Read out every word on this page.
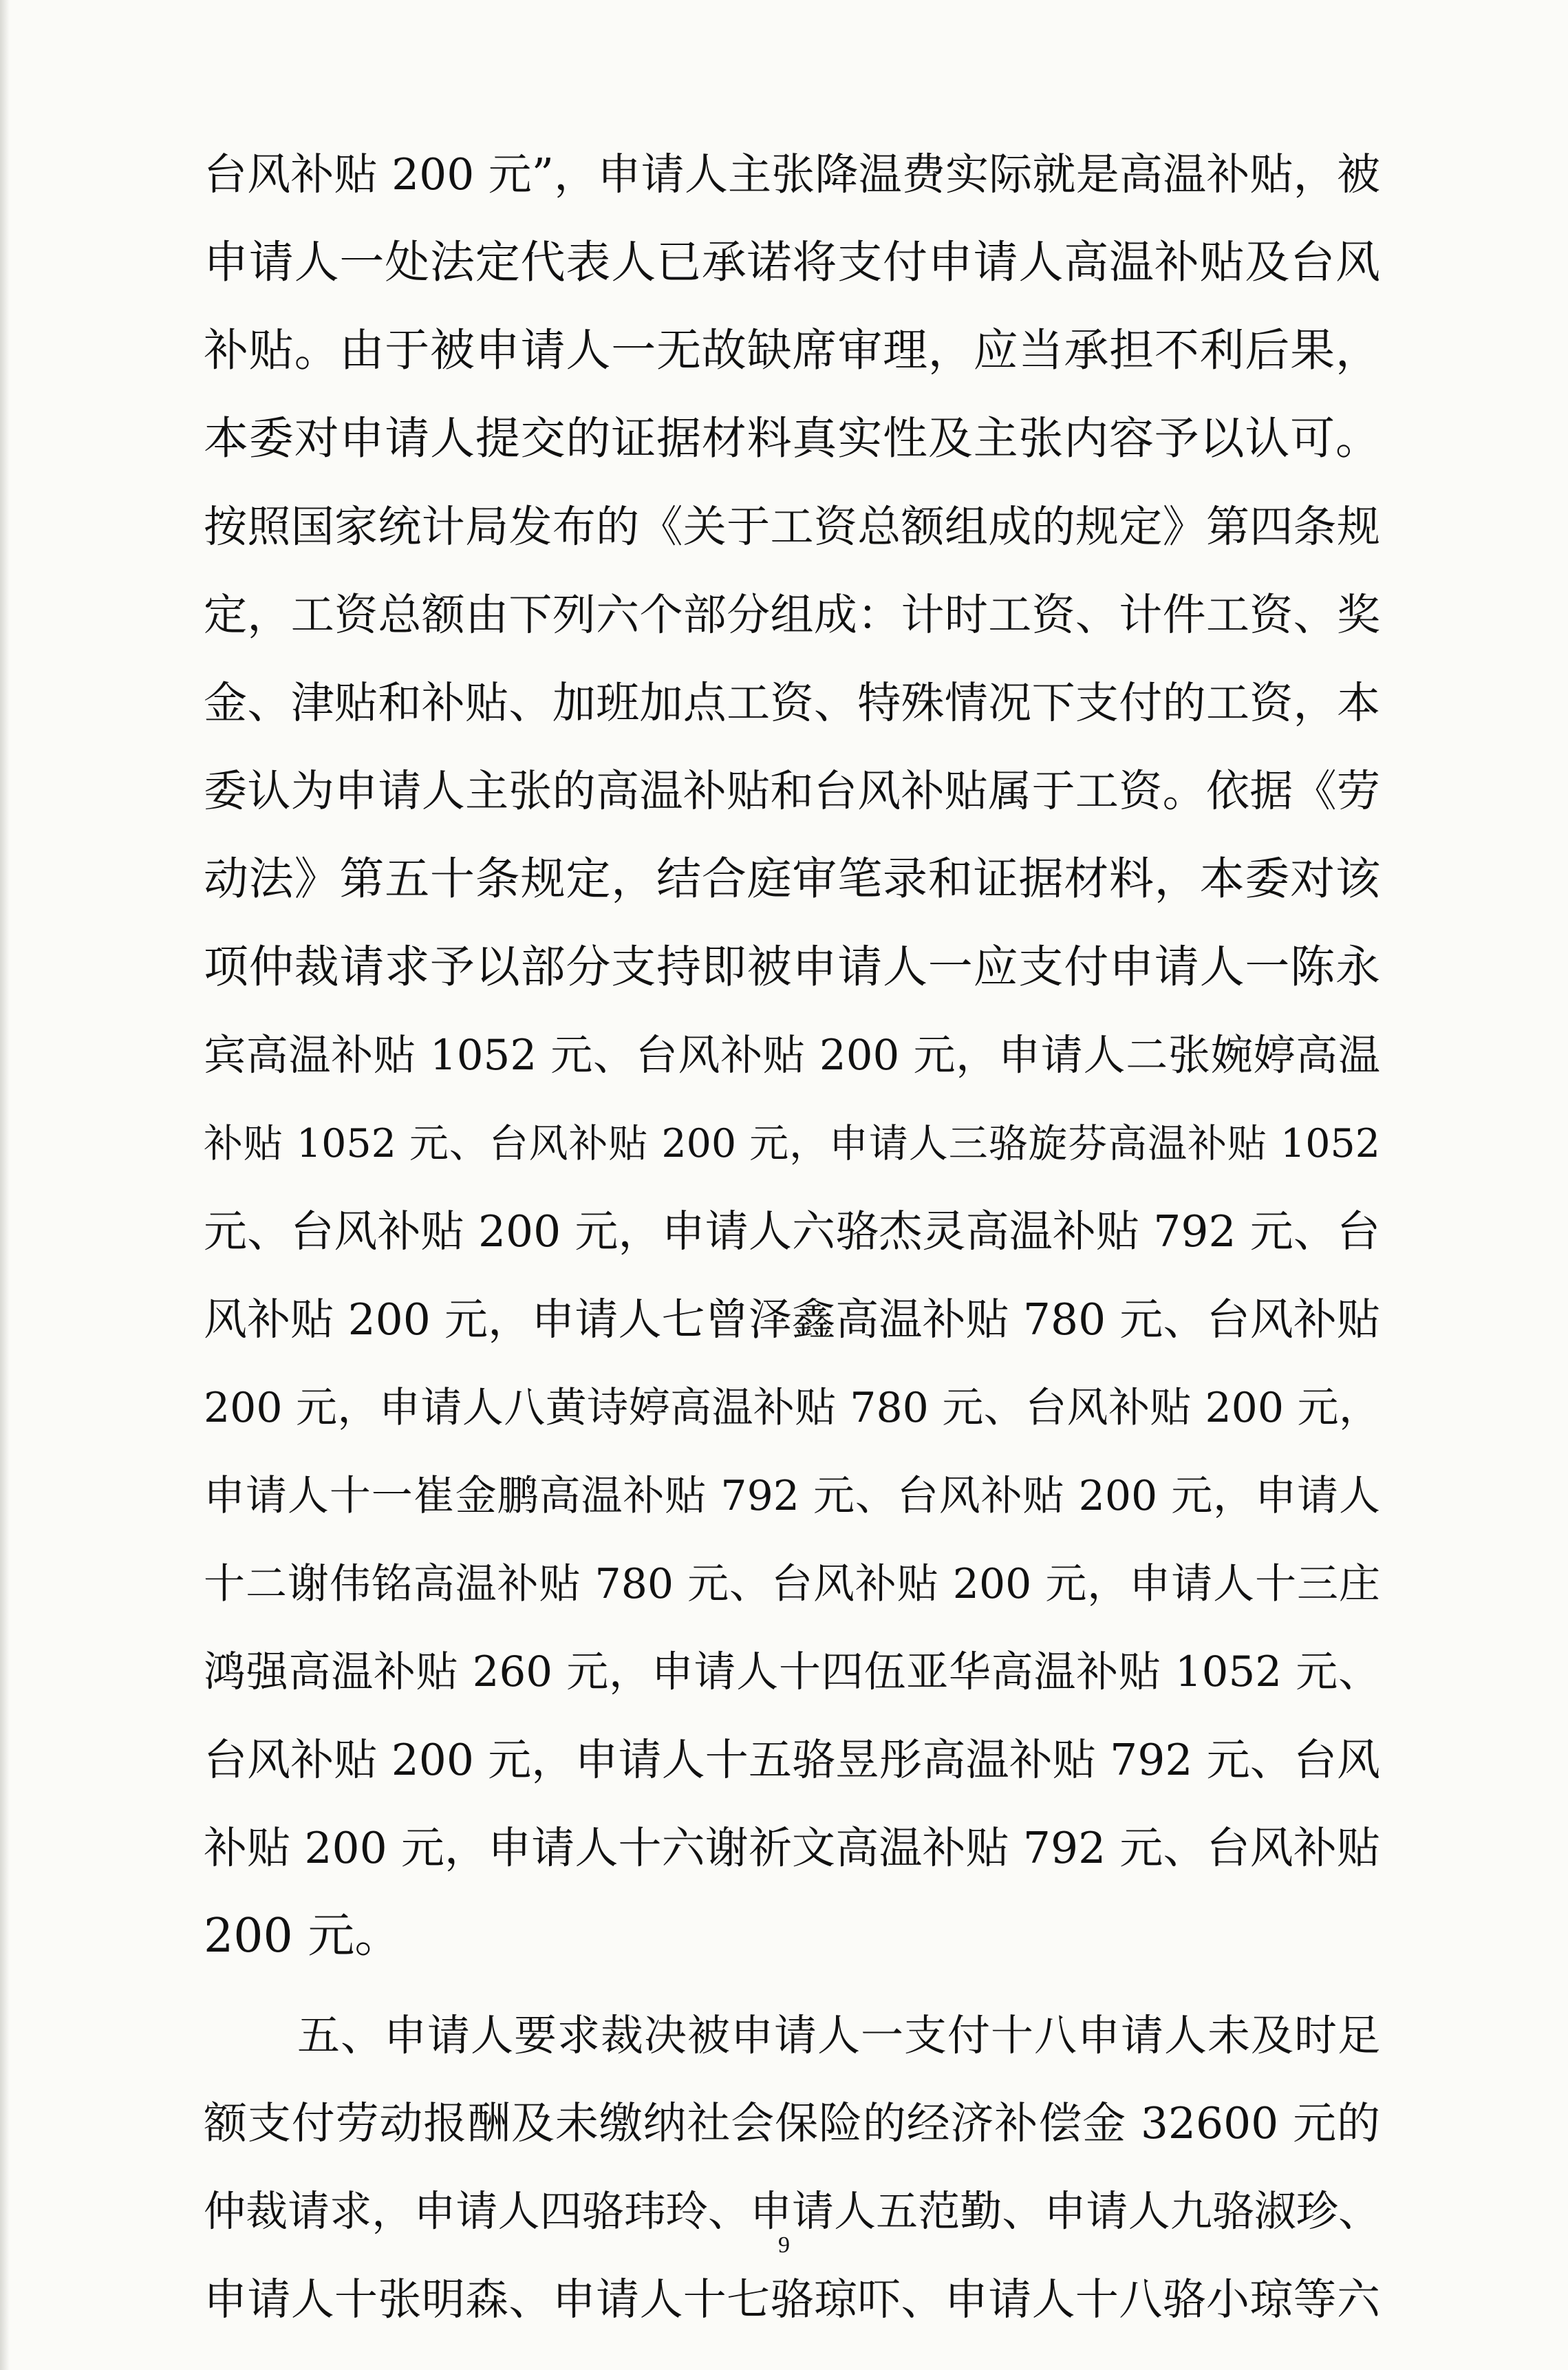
台风补贴 200 元”，申请人主张降温费实际就是高温补贴，被
申请人一处法定代表人已承诺将支付申请人高温补贴及台风
补贴。由于被申请人一无故缺席审理，应当承担不利后果，
本委对申请人提交的证据材料真实性及主张内容予以认可。
按照国家统计局发布的《关于工资总额组成的规定》第四条规
定，工资总额由下列六个部分组成：计时工资、计件工资、奖
金、津贴和补贴、加班加点工资、特殊情况下支付的工资，本
委认为申请人主张的高温补贴和台风补贴属于工资。依据《劳
动法》第五十条规定，结合庭审笔录和证据材料，本委对该
项仲裁请求予以部分支持即被申请人一应支付申请人一陈永
宾高温补贴 1052 元、台风补贴 200 元，申请人二张婉婷高温
补贴 1052 元、台风补贴 200 元，申请人三骆旋芬高温补贴 1052
元、台风补贴 200 元，申请人六骆杰灵高温补贴 792 元、台
风补贴 200 元，申请人七曾泽鑫高温补贴 780 元、台风补贴
200 元，申请人八黄诗婷高温补贴 780 元、台风补贴 200 元，
申请人十一崔金鹏高温补贴 792 元、台风补贴 200 元，申请人
十二谢伟铭高温补贴 780 元、台风补贴 200 元，申请人十三庄
鸿强高温补贴 260 元，申请人十四伍亚华高温补贴 1052 元、
台风补贴 200 元，申请人十五骆昱彤高温补贴 792 元、台风
补贴 200 元，申请人十六谢祈文高温补贴 792 元、台风补贴
200 元。
五、申请人要求裁决被申请人一支付十八申请人未及时足
额支付劳动报酬及未缴纳社会保险的经济补偿金 32600 元的
仲裁请求，申请人四骆玮玲、申请人五范勤、申请人九骆淑珍、
申请人十张明森、申请人十七骆琼吓、申请人十八骆小琼等六
9
